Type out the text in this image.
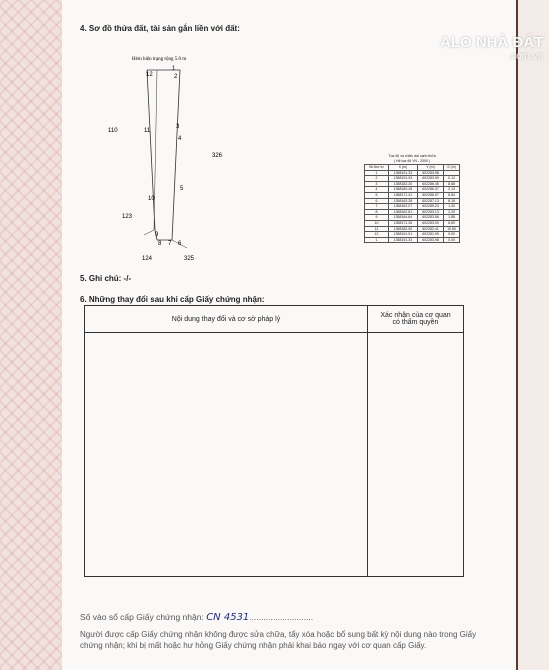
ALO NHÀ ĐẤT
.com.vn
4. Sơ đồ thửa đất, tài sản gắn liền với đất:
Hẻm hiện trạng rộng 5.0 m
12
1
2
3
4
5
6
7
8
9
10
11
110
326
123
124	325
Tọa độ và chiều dài cạnh thửa
( Hệ tọa độ VN - 2000 )
Số thứ tự	X (m)	Y (m)	S (m)
1	1358191.33	602283.98	
2	1358191.93	602283.99	0.12
3	1358182.20	602286.45	8.68
4	1358180.28	602286.37	2.13
5	1358171.41	602286.97	8.84
6	1358163.28	602287.13	8.16
7	1358162.07	602285.23	1.00
8	1358162.81	602283.13	2.20
9	1358164.64	602283.56	1.88
10	1358171.26	602283.00	6.69
11	1358182.00	602282.41	10.80
12	1358191.01	602281.99	9.00
1	1358191.33	602283.98	0.00
5. Ghi chú: -/-
6. Những thay đổi sau khi cấp Giấy chứng nhận:
Nội dung thay đổi và cơ sở pháp lý	Xác nhận của cơ quan
có thẩm quyền

Số vào sổ cấp Giấy chứng nhận: CN 4531...........................
Người được cấp Giấy chứng nhận không được sửa chữa, tẩy xóa hoặc bổ sung bất kỳ nội dung nào trong Giấy chứng nhận; khi bị mất hoặc hư hỏng Giấy chứng nhận phải khai báo ngay với cơ quan cấp Giấy.
